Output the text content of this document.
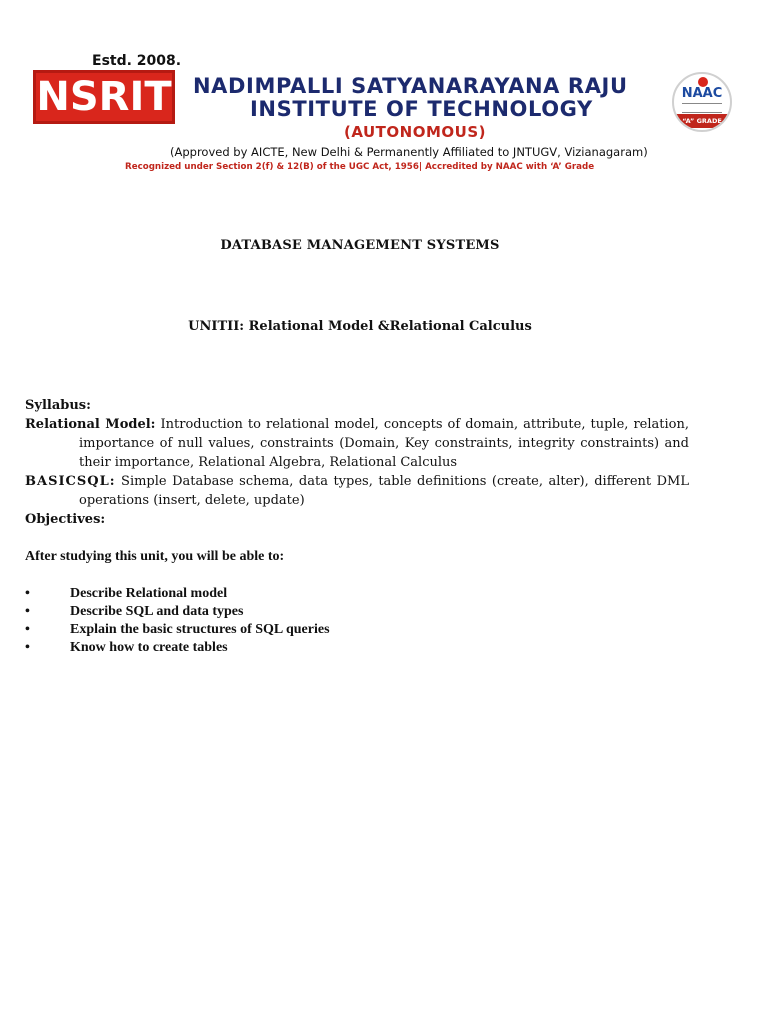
Estd. 2008.
NSRIT NADIMPALLI SATYANARAYANA RAJU
INSTITUTE OF TECHNOLOGY
(AUTONOMOUS)
(Approved by AICTE, New Delhi & Permanently Affiliated to JNTUGV, Vizianagaram)
Recognized under Section 2(f) & 12(B) of the UGC Act, 1956| Accredited by NAAC with ‘A’ Grade
NAAC
“A” GRADE
DATABASE MANAGEMENT SYSTEMS
UNITII: Relational Model &Relational Calculus
Syllabus:
Relational Model: Introduction to relational model, concepts of domain, attribute, tuple, relation, importance of null values, constraints (Domain, Key constraints, integrity constraints) and their importance, Relational Algebra, Relational Calculus
BASICSQL: Simple Database schema, data types, table definitions (create, alter), different DML operations (insert, delete, update)
Objectives:
After studying this unit, you will be able to:
•	Describe Relational model
•	Describe SQL and data types
•	Explain the basic structures of SQL queries
•	Know how to create tables
